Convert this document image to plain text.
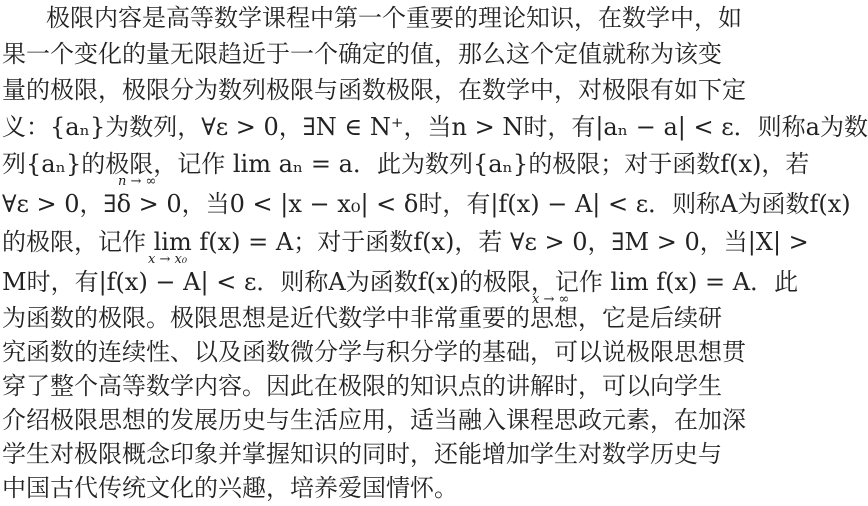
极限内容是高等数学课程中第一个重要的理论知识，在数学中，如
果一个变化的量无限趋近于一个确定的值，那么这个定值就称为该变
量的极限，极限分为数列极限与函数极限，在数学中，对极限有如下定
义：{aₙ}为数列，∀ε > 0，∃N ∈ N⁺，当n > N时，有|aₙ − a| < ε．则称a为数
列{aₙ}的极限，记作 lim aₙ = a．此为数列{aₙ}的极限；对于函数f(x)，若
n → ∞
∀ε > 0，∃δ > 0，当0 < |x − x₀| < δ时，有|f(x) − A| < ε．则称A为函数f(x)
的极限，记作 lim f(x) = A；对于函数f(x)，若 ∀ε > 0，∃M > 0，当|X| >
x → x₀
M时，有|f(x) − A| < ε．则称A为函数f(x)的极限，记作 lim f(x) = A．此
x → ∞
为函数的极限。极限思想是近代数学中非常重要的思想，它是后续研
究函数的连续性、以及函数微分学与积分学的基础，可以说极限思想贯
穿了整个高等数学内容。因此在极限的知识点的讲解时，可以向学生
介绍极限思想的发展历史与生活应用，适当融入课程思政元素，在加深
学生对极限概念印象并掌握知识的同时，还能增加学生对数学历史与
中国古代传统文化的兴趣，培养爱国情怀。
